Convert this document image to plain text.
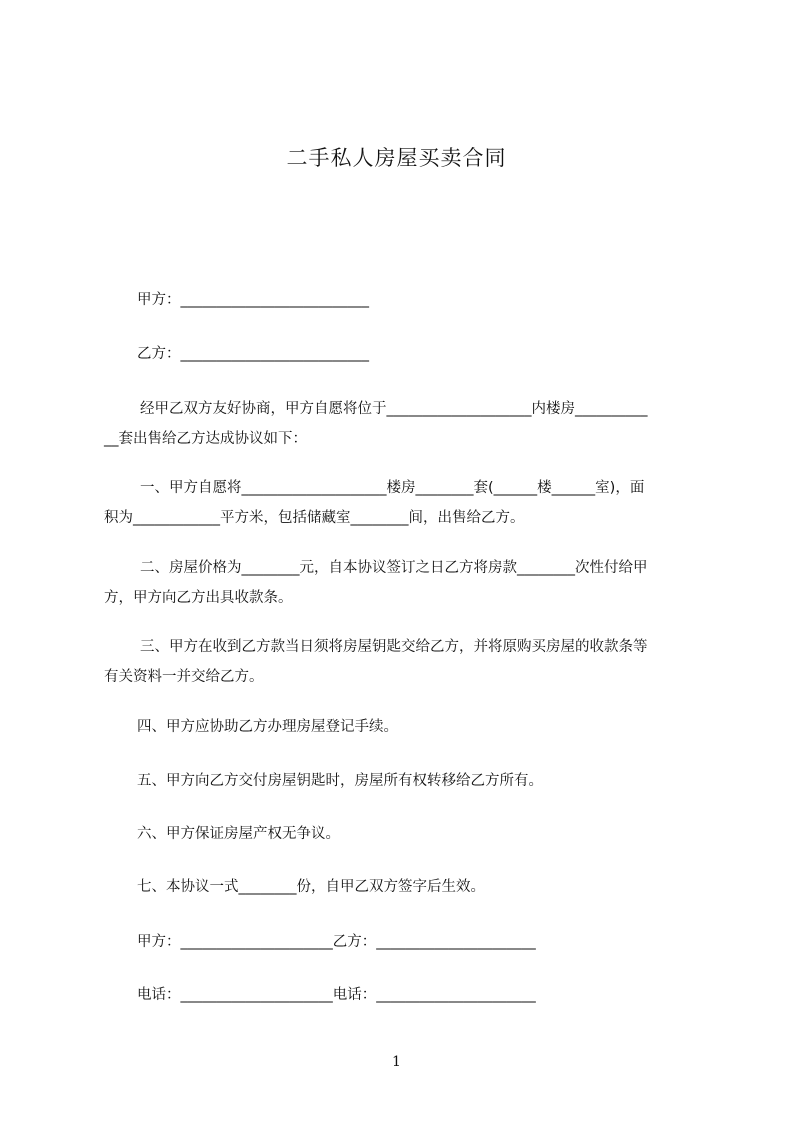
二手私人房屋买卖合同
甲方：__________________________
乙方：__________________________
经甲乙双方友好协商，甲方自愿将位于____________________内楼房__________
__套出售给乙方达成协议如下：
一、甲方自愿将____________________楼房________套(______楼______室)，面
积为____________平方米，包括储藏室________间，出售给乙方。
二、房屋价格为________元，自本协议签订之日乙方将房款________次性付给甲
方，甲方向乙方出具收款条。
三、甲方在收到乙方款当日须将房屋钥匙交给乙方，并将原购买房屋的收款条等
有关资料一并交给乙方。
四、甲方应协助乙方办理房屋登记手续。
五、甲方向乙方交付房屋钥匙时，房屋所有权转移给乙方所有。
六、甲方保证房屋产权无争议。
七、本协议一式________份，自甲乙双方签字后生效。
甲方：_____________________乙方：______________________
电话：_____________________电话：______________________
1
